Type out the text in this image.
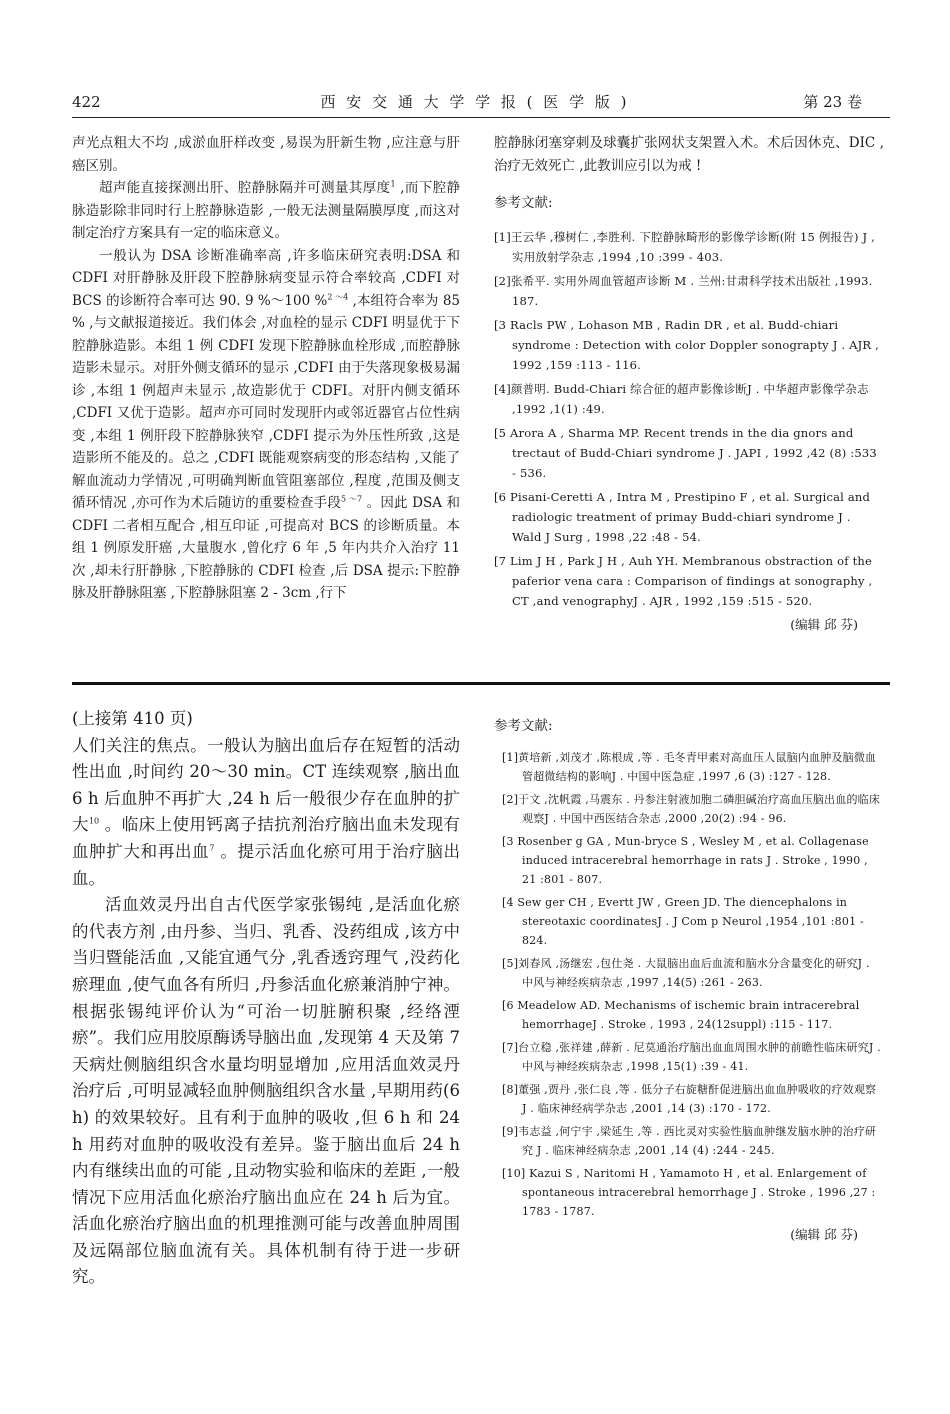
422	西 安 交 通 大 学 学 报 ( 医 学 版 )	第 23 卷

声光点粗大不均 ,成淤血肝样改变 ,易误为肝新生物 ,应注意与肝癌区别。

超声能直接探测出肝、腔静脉隔并可测量其厚度$^1$ ,而下腔静脉造影除非同时行上腔静脉造影 ,一般无法测量隔膜厚度 ,而这对制定治疗方案具有一定的临床意义。

一般认为 DSA 诊断准确率高 ,许多临床研究表明:DSA 和 CDFI 对肝静脉及肝段下腔静脉病变显示符合率较高 ,CDFI 对 BCS 的诊断符合率可达 90. 9 %～100 %$^{2 \sim 4}$ ,本组符合率为 85 % ,与文献报道接近。我们体会 ,对血栓的显示 CDFI 明显优于下腔静脉造影。本组 1 例 CDFI 发现下腔静脉血栓形成 ,而腔静脉造影未显示。对肝外侧支循环的显示 ,CDFI 由于失落现象极易漏诊 ,本组 1 例超声未显示 ,故造影优于 CDFI。对肝内侧支循环 ,CDFI 又优于造影。超声亦可同时发现肝内或邻近器官占位性病变 ,本组 1 例肝段下腔静脉狭窄 ,CDFI 提示为外压性所致 ,这是造影所不能及的。总之 ,CDFI 既能观察病变的形态结构 ,又能了解血流动力学情况 ,可明确判断血管阻塞部位 ,程度 ,范围及侧支循环情况 ,亦可作为术后随访的重要检查手段$^{5 \sim 7}$ 。因此 DSA 和 CDFI 二者相互配合 ,相互印证 ,可提高对 BCS 的诊断质量。本组 1 例原发肝癌 ,大量腹水 ,曾化疗 6 年 ,5 年内共介入治疗 11 次 ,却未行肝静脉 ,下腔静脉的 CDFI 检查 ,后 DSA 提示:下腔静脉及肝静脉阻塞 ,下腔静脉阻塞 2 - 3cm ,行下

腔静脉闭塞穿刺及球囊扩张网状支架置入术。术后因休克、DIC ,治疗无效死亡 ,此教训应引以为戒 !

参考文献:

[1]王云华 ,穆树仁 ,李胜利. 下腔静脉畸形的影像学诊断(附 15 例报告) J , 实用放射学杂志 ,1994 ,10 :399 - 403.

[2]张希平. 实用外周血管超声诊断 M . 兰州:甘肃科学技术出版社 ,1993. 187.

[3 Racls PW , Lohason MB , Radin DR , et al. Budd-chiari syndrome : Detection with color Doppler sonograpty J . AJR , 1992 ,159 :113 - 116.

[4]颜普明. Budd-Chiari 综合征的超声影像诊断J . 中华超声影像学杂志 ,1992 ,1(1) :49.

[5 Arora A , Sharma MP. Recent trends in the dia gnors and trectaut of Budd-Chiari syndrome J . JAPI , 1992 ,42 (8) :533 - 536.

[6 Pisani-Ceretti A , Intra M , Prestipino F , et al. Surgical and radiologic treatment of primay Budd-chiari syndrome J . Wald J Surg , 1998 ,22 :48 - 54.

[7 Lim J H , Park J H , Auh YH. Membranous obstraction of the paferior vena cara : Comparison of findings at sonography , CT ,and venographyJ . AJR , 1992 ,159 :515 - 520.

(编辑 邱 芬)

(上接第 410 页)

人们关注的焦点。一般认为脑出血后存在短暂的活动性出血 ,时间约 20～30 min。CT 连续观察 ,脑出血 6 h 后血肿不再扩大 ,24 h 后一般很少存在血肿的扩大$^{10}$ 。临床上使用钙离子拮抗剂治疗脑出血未发现有血肿扩大和再出血$^7$ 。提示活血化瘀可用于治疗脑出血。

活血效灵丹出自古代医学家张锡纯 ,是活血化瘀的代表方剂 ,由丹参、当归、乳香、没药组成 ,该方中当归暨能活血 ,又能宜通气分 ,乳香透窍理气 ,没药化瘀理血 ,使气血各有所归 ,丹参活血化瘀兼消肿宁神。根据张锡纯评价认为“可治一切脏腑积聚 ,经络湮瘀”。我们应用胶原酶诱导脑出血 ,发现第 4 天及第 7 天病灶侧脑组织含水量均明显增加 ,应用活血效灵丹治疗后 ,可明显减轻血肿侧脑组织含水量 ,早期用药(6 h) 的效果较好。且有利于血肿的吸收 ,但 6 h 和 24 h 用药对血肿的吸收没有差异。鉴于脑出血后 24 h 内有继续出血的可能 ,且动物实验和临床的差距 ,一般情况下应用活血化瘀治疗脑出血应在 24 h 后为宜。活血化瘀治疗脑出血的机理推测可能与改善血肿周围及远隔部位脑血流有关。具体机制有待于进一步研究。

参考文献:

[1]黄培新 ,刘茂才 ,陈根成 ,等 . 毛冬青甲素对高血压人鼠脑内血肿及脑微血管超微结构的影响J . 中国中医急症 ,1997 ,6 (3) :127 - 128.

[2]于文 ,沈帆霞 ,马震东 . 丹参注射液加胞二磷胆碱治疗高血压脑出血的临床观察J . 中国中西医结合杂志 ,2000 ,20(2) :94 - 96.

[3 Rosenber g GA , Mun-bryce S , Wesley M , et al. Collagenase induced intracerebral hemorrhage in rats J . Stroke , 1990 , 21 :801 - 807.

[4 Sew ger CH , Evertt JW , Green JD. The diencephalons in stereotaxic coordinatesJ . J Com p Neurol ,1954 ,101 :801 - 824.

[5]刘春风 ,汤继宏 ,包仕尧 . 大鼠脑出血后血流和脑水分含量变化的研究J . 中风与神经疾病杂志 ,1997 ,14(5) :261 - 263.

[6 Meadelow AD. Mechanisms of ischemic brain intracerebral hemorrhageJ . Stroke , 1993 , 24(12suppl) :115 - 117.

[7]台立稳 ,张祥建 ,薛新 . 尼莫通治疗脑出血血周围水肿的前瞻性临床研究J . 中风与神经疾病杂志 ,1998 ,15(1) :39 - 41.

[8]董强 ,贾丹 ,张仁良 ,等 . 低分子右旋糖酐促进脑出血血肿吸收的疗效观察 J . 临床神经病学杂志 ,2001 ,14 (3) :170 - 172.

[9]韦志益 ,何宁宇 ,梁延生 ,等 . 西比灵对实验性脑血肿继发脑水肿的治疗研究 J . 临床神经病杂志 ,2001 ,14 (4) :244 - 245.

[10] Kazui S , Naritomi H , Yamamoto H , et al. Enlargement of spontaneous intracerebral hemorrhage J . Stroke , 1996 ,27 : 1783 - 1787.

(编辑 邱 芬)
